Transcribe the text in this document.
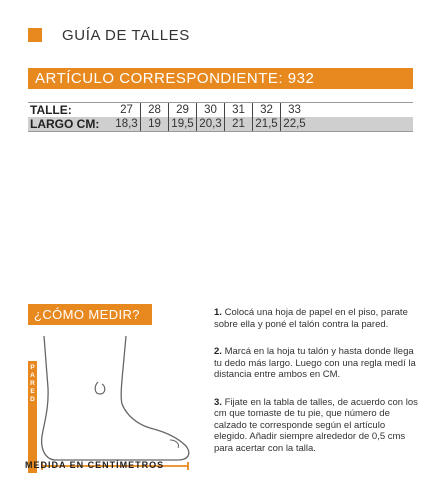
GUÍA DE TALLES
ARTÍCULO CORRESPONDIENTE: 932
TALLE:	27	28	29	30	31	32	33
LARGO CM:	18,3 19 19,5 20,3 21 21,5 22,5
¿CÓMO MEDIR?
P
A
R
E
D
MEDIDA EN CENTÍMETROS
1. Colocá una hoja de papel en el piso, parate sobre ella y poné el talón contra la pared.
2. Marcá en la hoja tu talón y hasta donde llega tu dedo más largo. Luego con una regla medí la distancia entre ambos en CM.
3. Fijate en la tabla de talles, de acuerdo con los cm que tomaste de tu pie, que número de calzado te corresponde según el artículo elegido. Añadir siempre alrededor de 0,5 cms para acertar con la talla.
